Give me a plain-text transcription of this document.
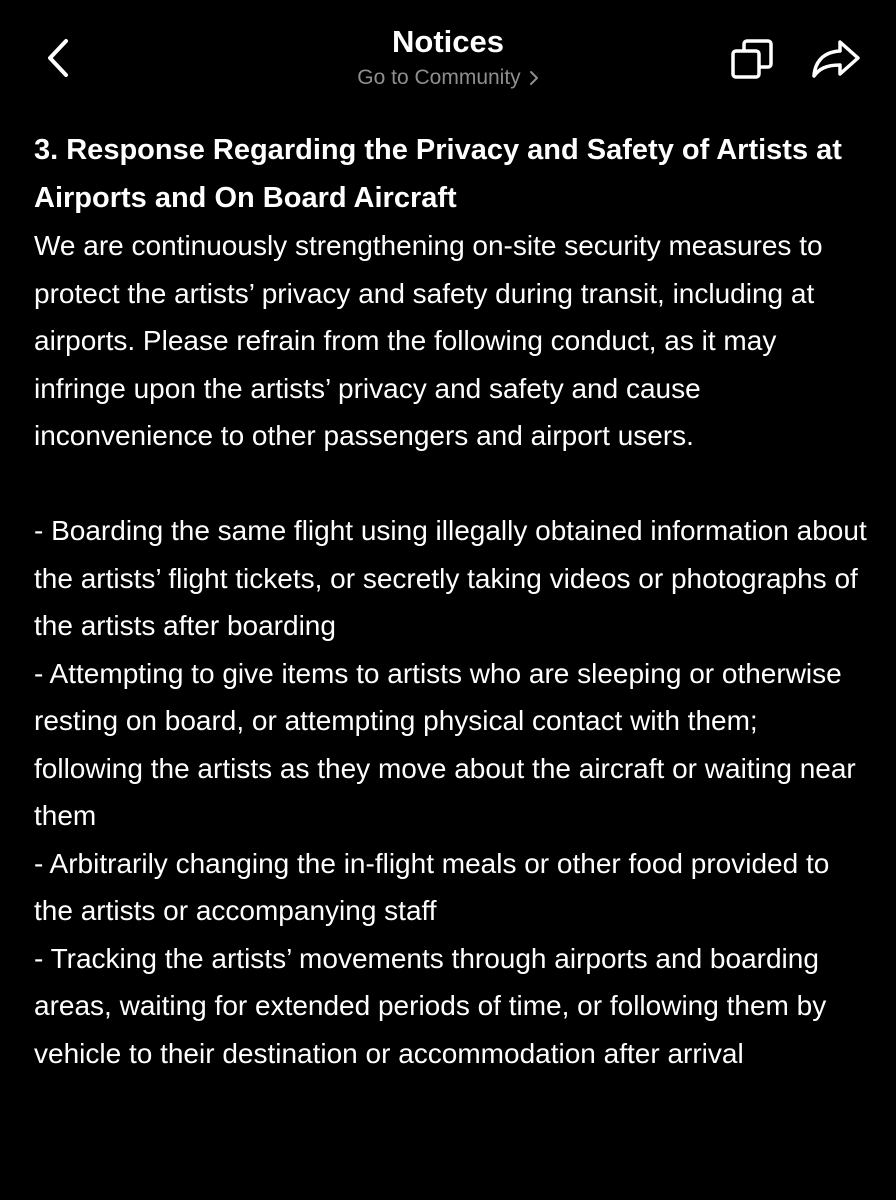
Notices
Go to Community

3. Response Regarding the Privacy and Safety of Artists at Airports and On Board Aircraft

We are continuously strengthening on-site security measures to protect the artists’ privacy and safety during transit, including at airports. Please refrain from the following conduct, as it may infringe upon the artists’ privacy and safety and cause inconvenience to other passengers and airport users.

- Boarding the same flight using illegally obtained information about the artists’ flight tickets, or secretly taking videos or photographs of the artists after boarding

- Attempting to give items to artists who are sleeping or otherwise resting on board, or attempting physical contact with them; following the artists as they move about the aircraft or waiting near them

- Arbitrarily changing the in-flight meals or other food provided to the artists or accompanying staff

- Tracking the artists’ movements through airports and boarding areas, waiting for extended periods of time, or following them by vehicle to their destination or accommodation after arrival
